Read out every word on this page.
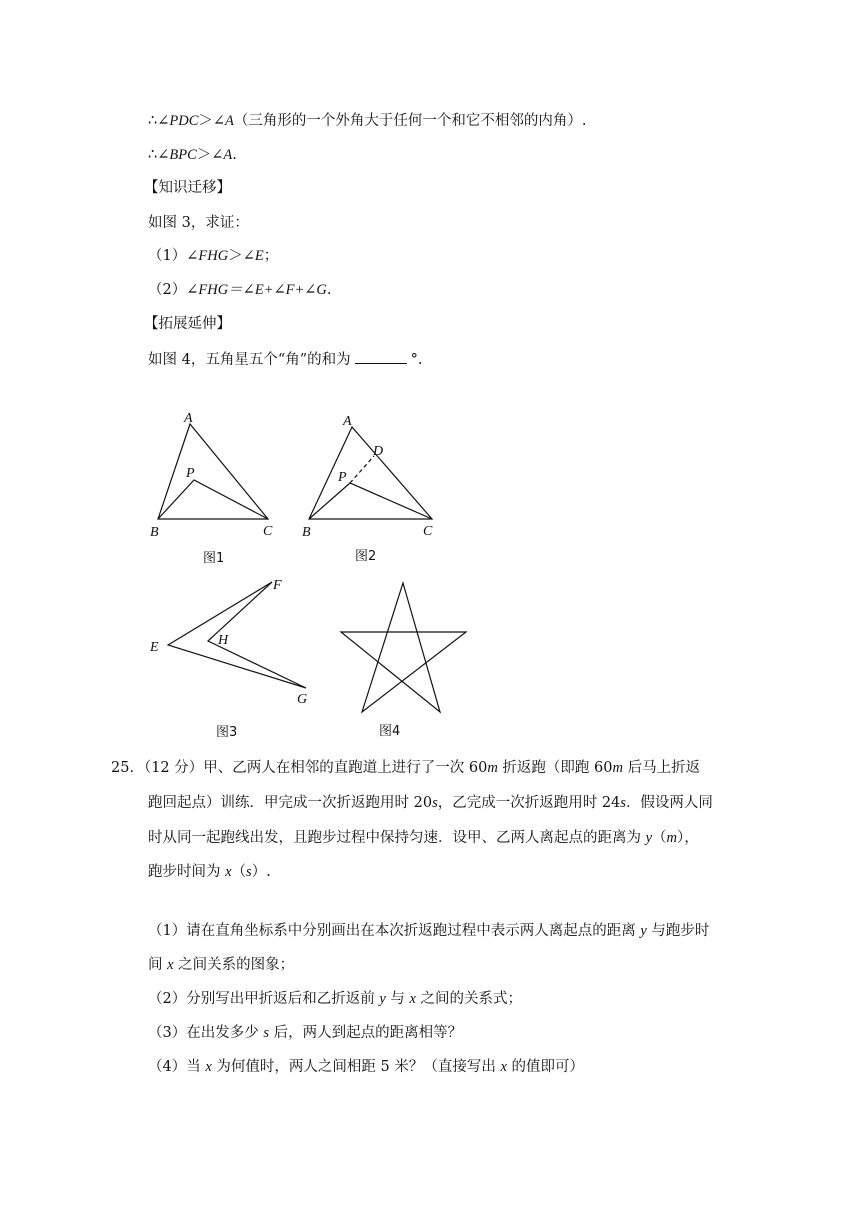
∴∠PDC＞∠A（三角形的一个外角大于任何一个和它不相邻的内角）.
∴∠BPC＞∠A.
【知识迁移】
如图 3，求证：
（1）∠FHG＞∠E；
（2）∠FHG＝∠E+∠F+∠G.
【拓展延伸】
如图 4，五角星五个“角”的和为	°.
A
B	C
P
图1
A
B	C
P
D
图2
E
F
H
G
图3	图4
25．（12 分）甲、乙两人在相邻的直跑道上进行了一次 60m 折返跑（即跑 60m 后马上折返
跑回起点）训练．甲完成一次折返跑用时 20s，乙完成一次折返跑用时 24s．假设两人同
时从同一起跑线出发，且跑步过程中保持匀速．设甲、乙两人离起点的距离为 y（m），
跑步时间为 x（s）.
（1）请在直角坐标系中分别画出在本次折返跑过程中表示两人离起点的距离 y 与跑步时
间 x 之间关系的图象；
（2）分别写出甲折返后和乙折返前 y 与 x 之间的关系式；
（3）在出发多少 s 后，两人到起点的距离相等？
（4）当 x 为何值时，两人之间相距 5 米？（直接写出 x 的值即可）
